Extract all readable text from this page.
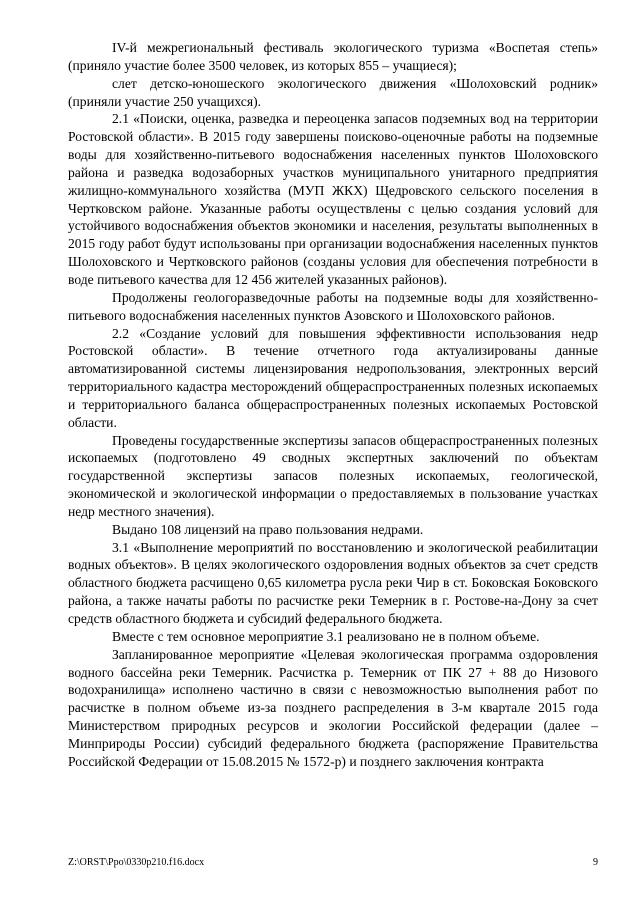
IV-й межрегиональный фестиваль экологического туризма «Воспетая степь» (приняло участие более 3500 человек, из которых 855 – учащиеся);

слет детско-юношеского экологического движения «Шолоховский родник» (приняли участие 250 учащихся).

2.1 «Поиски, оценка, разведка и переоценка запасов подземных вод на территории Ростовской области». В 2015 году завершены поисково-оценочные работы на подземные воды для хозяйственно-питьевого водоснабжения населенных пунктов Шолоховского района и разведка водозаборных участков муниципального унитарного предприятия жилищно-коммунального хозяйства (МУП ЖКХ) Щедровского сельского поселения в Чертковском районе. Указанные работы осуществлены с целью создания условий для устойчивого водоснабжения объектов экономики и населения, результаты выполненных в 2015 году работ будут использованы при организации водоснабжения населенных пунктов Шолоховского и Чертковского районов (созданы условия для обеспечения потребности в воде питьевого качества для 12 456 жителей указанных районов).

Продолжены геологоразведочные работы на подземные воды для хозяйственно-питьевого водоснабжения населенных пунктов Азовского и Шолоховского районов.

2.2 «Создание условий для повышения эффективности использования недр Ростовской области». В течение отчетного года актуализированы данные автоматизированной системы лицензирования недропользования, электронных версий территориального кадастра месторождений общераспространенных полезных ископаемых и территориального баланса общераспространенных полезных ископаемых Ростовской области.

Проведены государственные экспертизы запасов общераспространенных полезных ископаемых (подготовлено 49 сводных экспертных заключений по объектам государственной экспертизы запасов полезных ископаемых, геологической, экономической и экологической информации о предоставляемых в пользование участках недр местного значения).

Выдано 108 лицензий на право пользования недрами.

3.1 «Выполнение мероприятий по восстановлению и экологической реабилитации водных объектов». В целях экологического оздоровления водных объектов за счет средств областного бюджета расчищено 0,65 километра русла реки Чир в ст. Боковская Боковского района, а также начаты работы по расчистке реки Темерник в г. Ростове-на-Дону за счет средств областного бюджета и субсидий федерального бюджета.

Вместе с тем основное мероприятие 3.1 реализовано не в полном объеме.

Запланированное мероприятие «Целевая экологическая программа оздоровления водного бассейна реки Темерник. Расчистка р. Темерник от ПК 27 + 88 до Низового водохранилища» исполнено частично в связи с невозможностью выполнения работ по расчистке в полном объеме из-за позднего распределения в 3-м квартале 2015 года Министерством природных ресурсов и экологии Российской федерации (далее – Минприроды России) субсидий федерального бюджета (распоряжение Правительства Российской Федерации от 15.08.2015 № 1572-р) и позднего заключения контракта

Z:\ORST\Ppo\0330p210.f16.docx	9
